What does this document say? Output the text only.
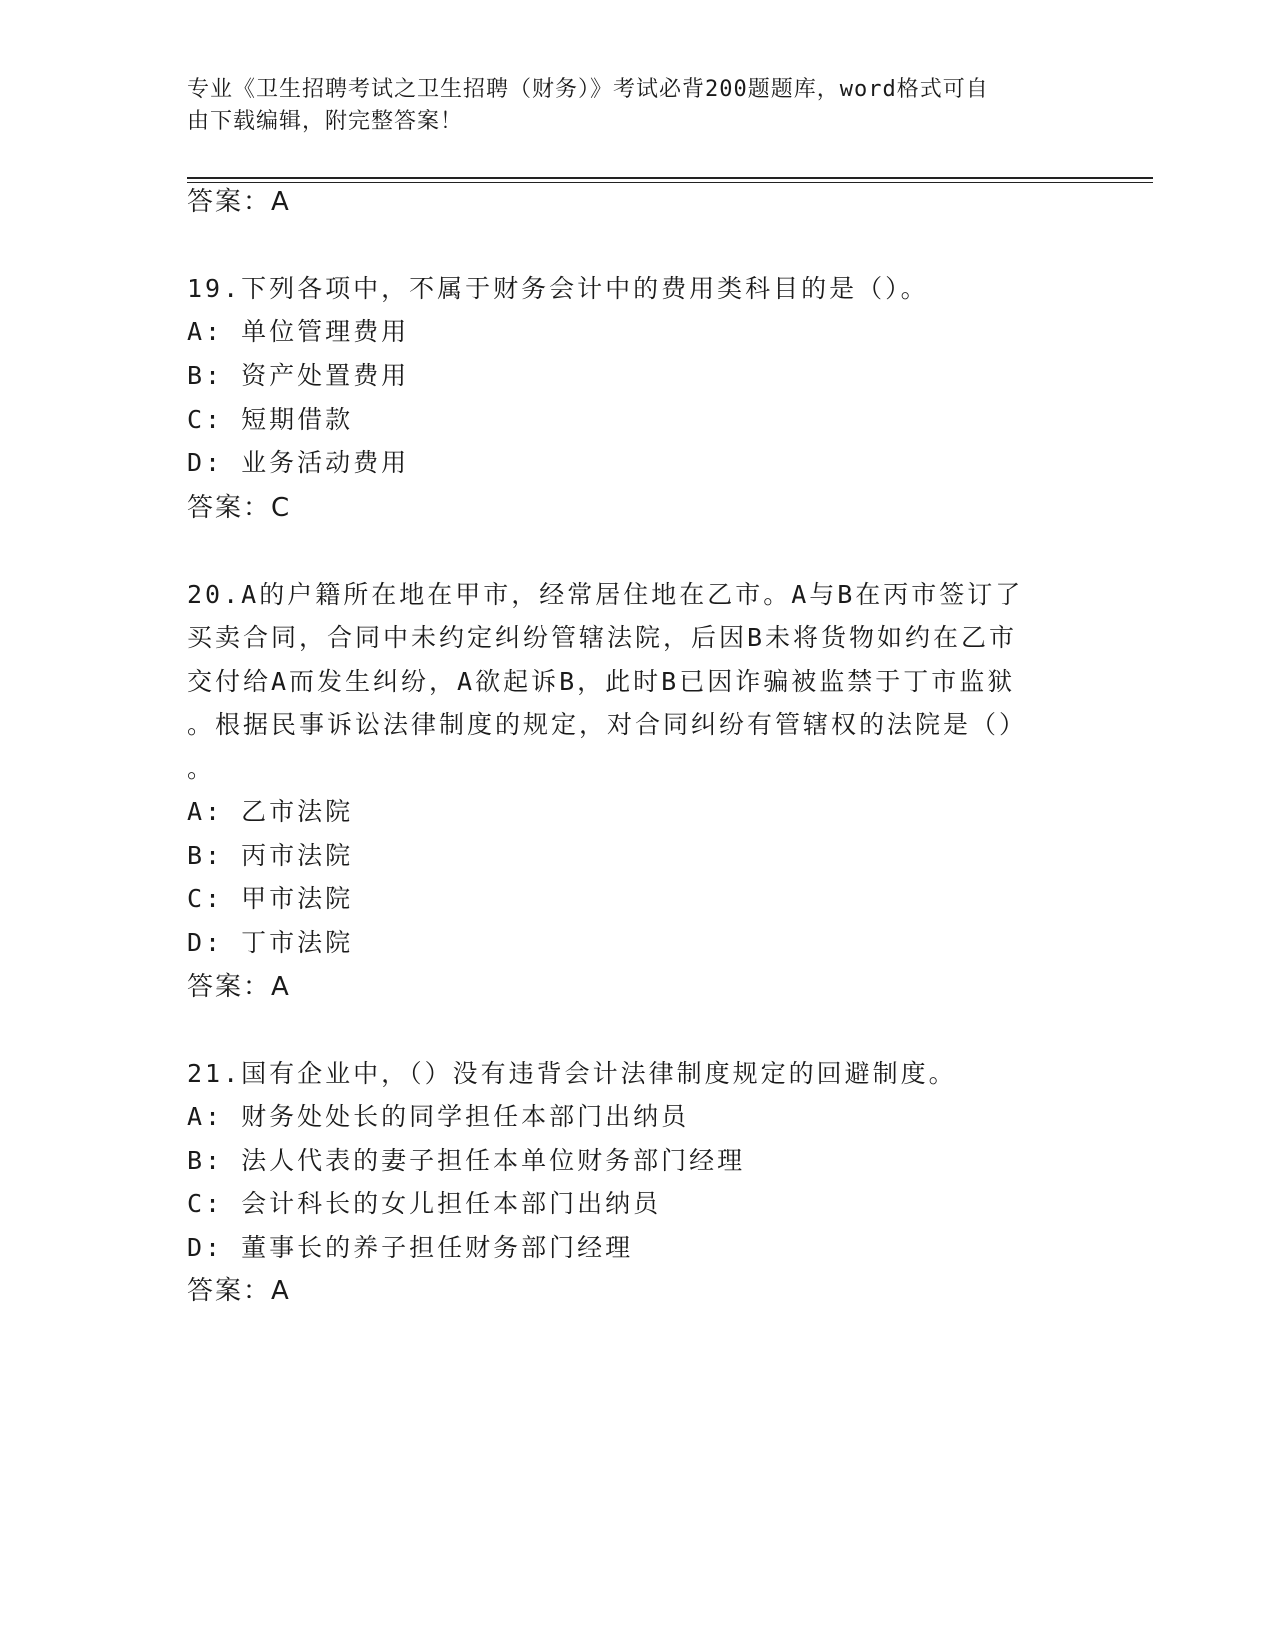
专业《卫生招聘考试之卫生招聘（财务）》考试必背200题题库，word格式可自
由下载编辑，附完整答案！
答案：A
19.下列各项中，不属于财务会计中的费用类科目的是（）。
A: 单位管理费用
B: 资产处置费用
C: 短期借款
D: 业务活动费用
答案：C
20.A的户籍所在地在甲市，经常居住地在乙市。A与B在丙市签订了
买卖合同，合同中未约定纠纷管辖法院，后因B未将货物如约在乙市
交付给A而发生纠纷，A欲起诉B，此时B已因诈骗被监禁于丁市监狱
。根据民事诉讼法律制度的规定，对合同纠纷有管辖权的法院是（）
。
A: 乙市法院
B: 丙市法院
C: 甲市法院
D: 丁市法院
答案：A
21.国有企业中，（）没有违背会计法律制度规定的回避制度。
A: 财务处处长的同学担任本部门出纳员
B: 法人代表的妻子担任本单位财务部门经理
C: 会计科长的女儿担任本部门出纳员
D: 董事长的养子担任财务部门经理
答案：A
